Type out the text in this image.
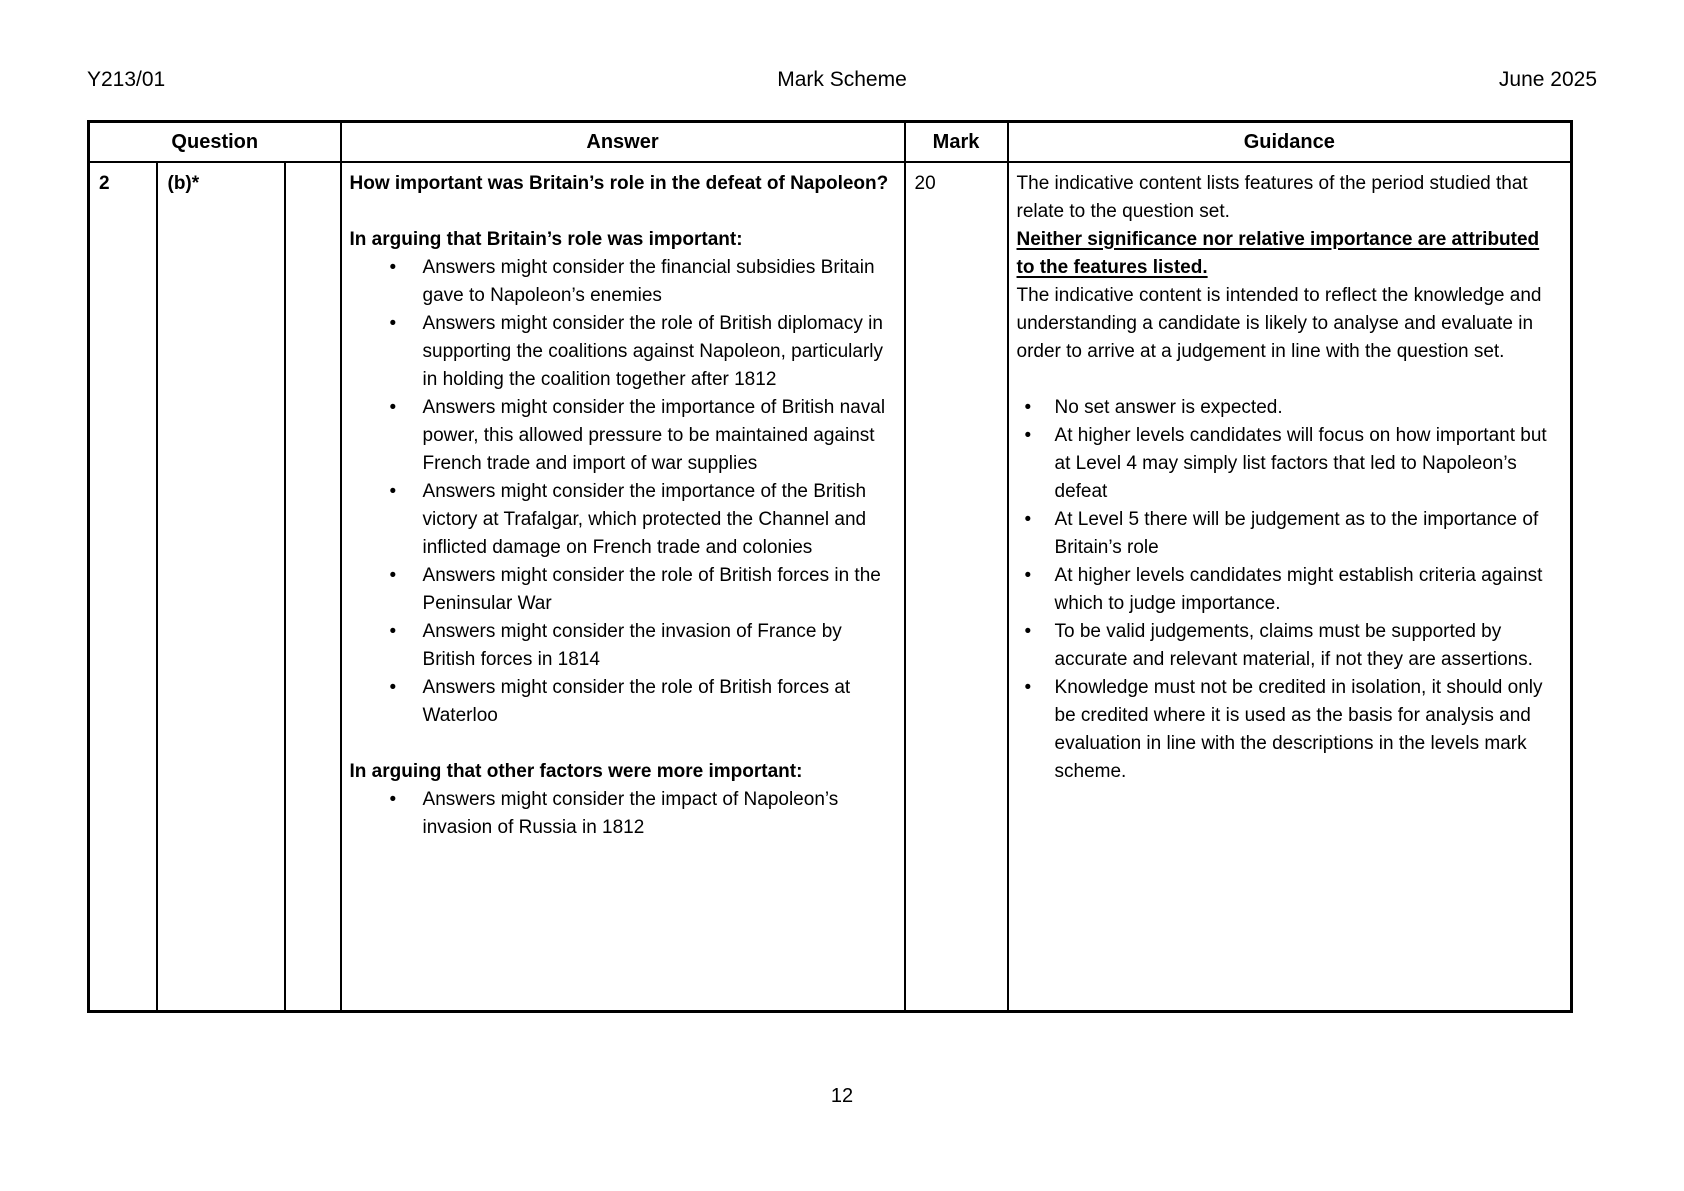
Y213/01	Mark Scheme	June 2025
Question			Answer	Mark	Guidance
2	(b)*		How important was Britain’s role in the defeat of Napoleon?

In arguing that Britain’s role was important:

• Answers might consider the financial subsidies Britain gave to Napoleon’s enemies
• Answers might consider the role of British diplomacy in supporting the coalitions against Napoleon, particularly in holding the coalition together after 1812
• Answers might consider the importance of British naval power, this allowed pressure to be maintained against French trade and import of war supplies
• Answers might consider the importance of the British victory at Trafalgar, which protected the Channel and inflicted damage on French trade and colonies
• Answers might consider the role of British forces in the Peninsular War
• Answers might consider the invasion of France by British forces in 1814
• Answers might consider the role of British forces at Waterloo

In arguing that other factors were more important:

• Answers might consider the impact of Napoleon’s invasion of Russia in 1812
	20	The indicative content lists features of the period studied that relate to the question set.

Neither significance nor relative importance are attributed to the features listed.

The indicative content is intended to reflect the knowledge and understanding a candidate is likely to analyse and evaluate in order to arrive at a judgement in line with the question set.

• No set answer is expected.
• At higher levels candidates will focus on how important but at Level 4 may simply list factors that led to Napoleon’s defeat
• At Level 5 there will be judgement as to the importance of Britain’s role
• At higher levels candidates might establish criteria against which to judge importance.
• To be valid judgements, claims must be supported by accurate and relevant material, if not they are assertions.
• Knowledge must not be credited in isolation, it should only be credited where it is used as the basis for analysis and evaluation in line with the descriptions in the levels mark scheme.
12
